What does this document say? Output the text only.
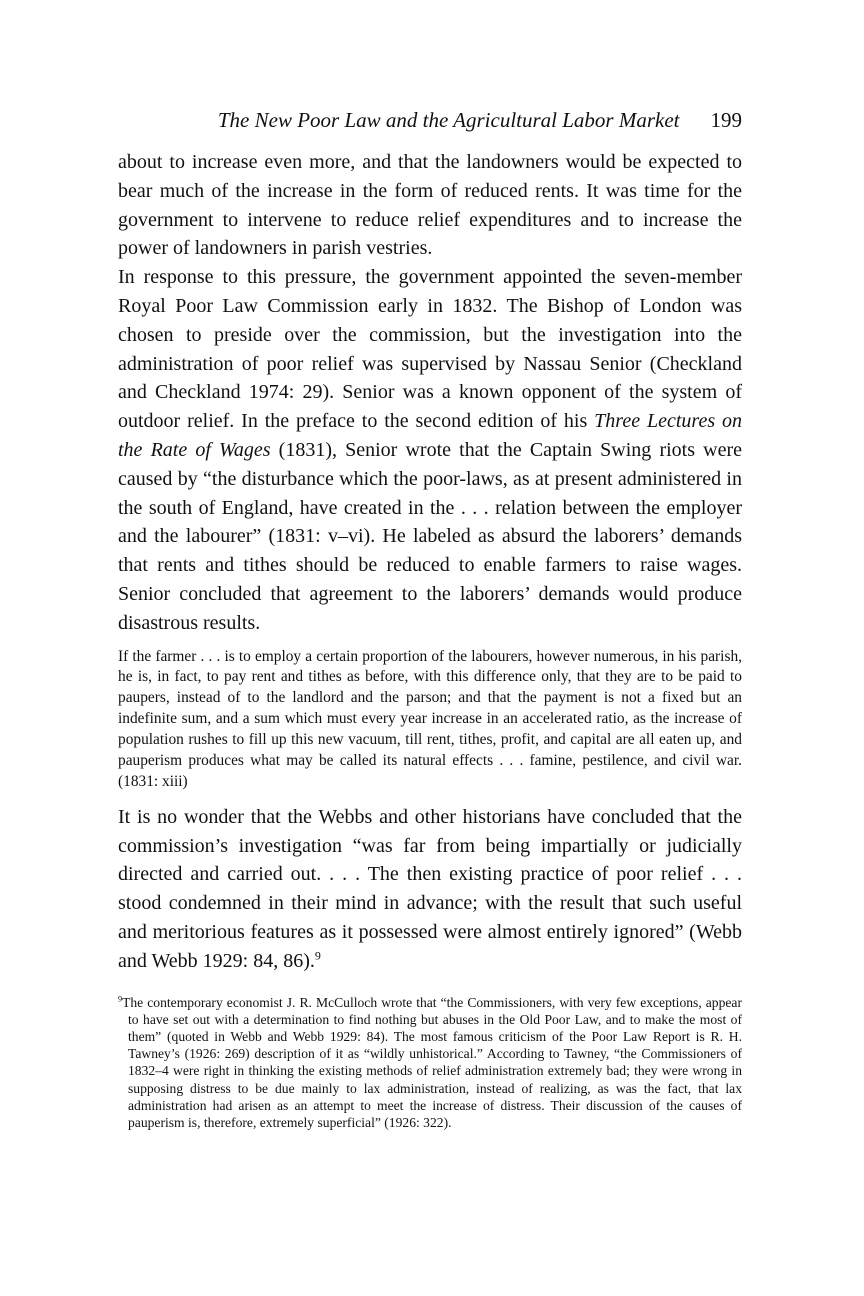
The New Poor Law and the Agricultural Labor Market 199

about to increase even more, and that the landowners would be expected to bear much of the increase in the form of reduced rents. It was time for the government to intervene to reduce relief expenditures and to increase the power of landowners in parish vestries.

In response to this pressure, the government appointed the seven-member Royal Poor Law Commission early in 1832. The Bishop of London was chosen to preside over the commission, but the investigation into the administration of poor relief was supervised by Nassau Senior (Checkland and Checkland 1974: 29). Senior was a known opponent of the system of outdoor relief. In the preface to the second edition of his Three Lectures on the Rate of Wages (1831), Senior wrote that the Captain Swing riots were caused by “the disturbance which the poor-laws, as at present administered in the south of England, have created in the . . . relation between the employer and the labourer” (1831: v–vi). He labeled as absurd the laborers’ demands that rents and tithes should be reduced to enable farmers to raise wages. Senior concluded that agreement to the laborers’ demands would produce disastrous results.

If the farmer . . . is to employ a certain proportion of the labourers, however numerous, in his parish, he is, in fact, to pay rent and tithes as before, with this difference only, that they are to be paid to paupers, instead of to the landlord and the parson; and that the payment is not a fixed but an indefinite sum, and a sum which must every year increase in an accelerated ratio, as the increase of population rushes to fill up this new vacuum, till rent, tithes, profit, and capital are all eaten up, and pauperism produces what may be called its natural effects . . . famine, pestilence, and civil war. (1831: xiii)

It is no wonder that the Webbs and other historians have concluded that the commission’s investigation “was far from being impartially or judicially directed and carried out. . . . The then existing practice of poor relief . . . stood condemned in their mind in advance; with the result that such useful and meritorious features as it possessed were almost entirely ignored” (Webb and Webb 1929: 84, 86).$^9$

$^9$The contemporary economist J. R. McCulloch wrote that “the Commissioners, with very few exceptions, appear to have set out with a determination to find nothing but abuses in the Old Poor Law, and to make the most of them” (quoted in Webb and Webb 1929: 84). The most famous criticism of the Poor Law Report is R. H. Tawney’s (1926: 269) description of it as “wildly unhistorical.” According to Tawney, “the Commissioners of 1832–4 were right in thinking the existing methods of relief administration extremely bad; they were wrong in supposing distress to be due mainly to lax administration, instead of realizing, as was the fact, that lax administration had arisen as an attempt to meet the increase of distress. Their discussion of the causes of pauperism is, therefore, extremely superficial” (1926: 322).
